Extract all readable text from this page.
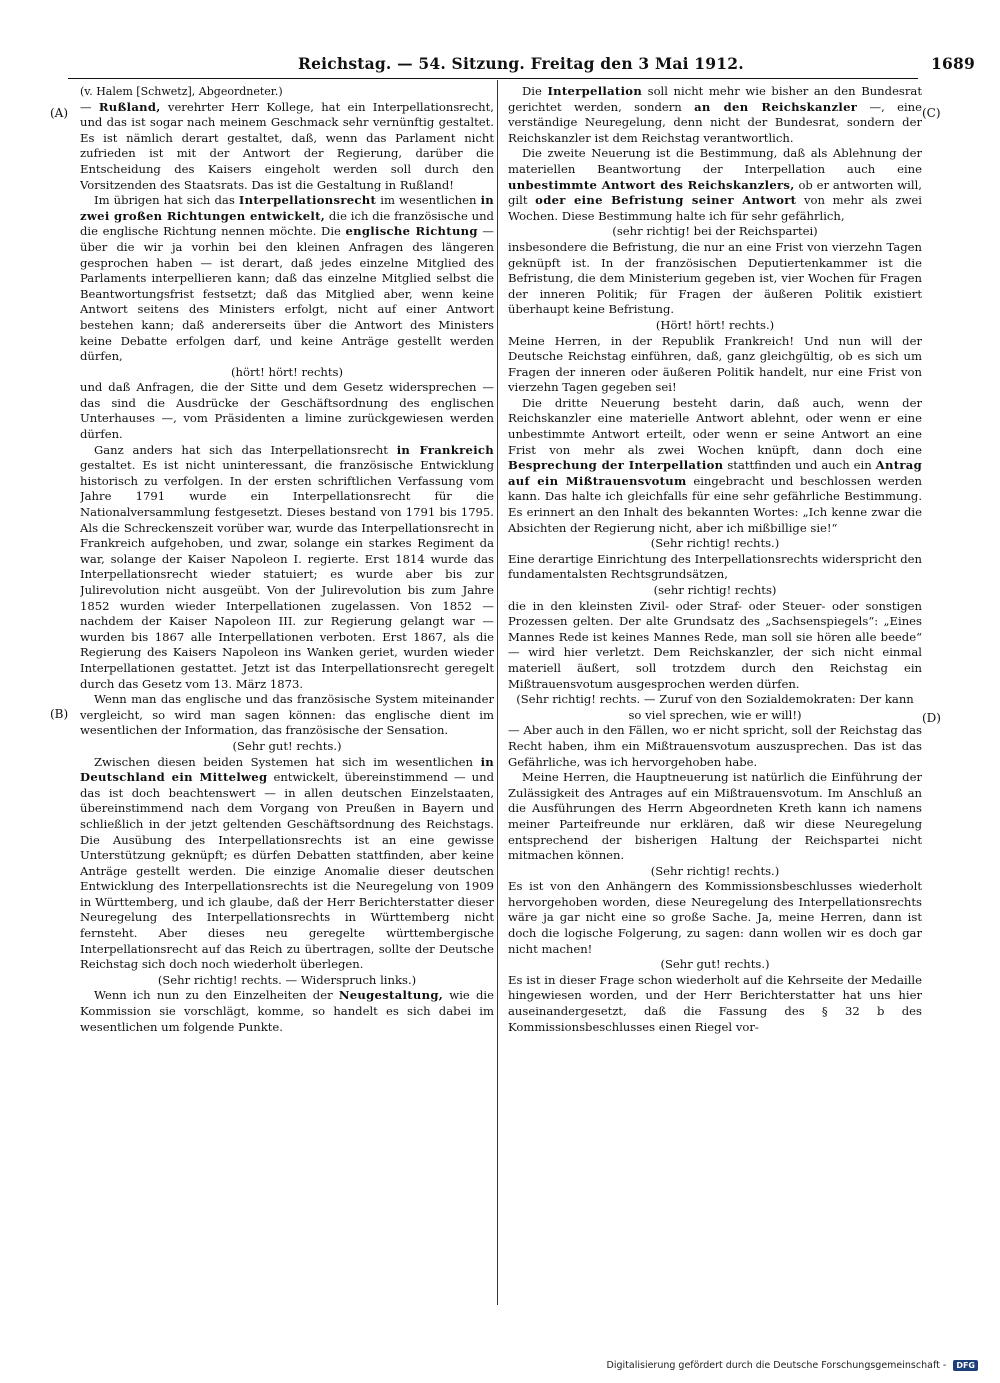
Reichstag. — 54. Sitzung. Freitag den 3 Mai 1912.	1689
(A)
(B)
(C)
(D)

(v. Halem [Schwetz], Abgeordneter.)

— Rußland, verehrter Herr Kollege, hat ein Interpellationsrecht, und das ist sogar nach meinem Geschmack sehr vernünftig gestaltet. Es ist nämlich derart gestaltet, daß, wenn das Parlament nicht zufrieden ist mit der Antwort der Regierung, darüber die Entscheidung des Kaisers eingeholt werden soll durch den Vorsitzenden des Staatsrats. Das ist die Gestaltung in Rußland!

Im übrigen hat sich das Interpellationsrecht im wesentlichen in zwei großen Richtungen entwickelt, die ich die französische und die englische Richtung nennen möchte. Die englische Richtung — über die wir ja vorhin bei den kleinen Anfragen des längeren gesprochen haben — ist derart, daß jedes einzelne Mitglied des Parlaments interpellieren kann; daß das einzelne Mitglied selbst die Beantwortungsfrist festsetzt; daß das Mitglied aber, wenn keine Antwort seitens des Ministers erfolgt, nicht auf einer Antwort bestehen kann; daß andererseits über die Antwort des Ministers keine Debatte erfolgen darf, und keine Anträge gestellt werden dürfen,

(hört! hört! rechts)

und daß Anfragen, die der Sitte und dem Gesetz widersprechen — das sind die Ausdrücke der Geschäftsordnung des englischen Unterhauses —, vom Präsidenten a limine zurückgewiesen werden dürfen.

Ganz anders hat sich das Interpellationsrecht in Frankreich gestaltet. Es ist nicht uninteressant, die französische Entwicklung historisch zu verfolgen. In der ersten schriftlichen Verfassung vom Jahre 1791 wurde ein Interpellationsrecht für die Nationalversammlung festgesetzt. Dieses bestand von 1791 bis 1795. Als die Schreckenszeit vorüber war, wurde das Interpellationsrecht in Frankreich aufgehoben, und zwar, solange ein starkes Regiment da war, solange der Kaiser Napoleon I. regierte. Erst 1814 wurde das Interpellationsrecht wieder statuiert; es wurde aber bis zur Julirevolution nicht ausgeübt. Von der Julirevolution bis zum Jahre 1852 wurden wieder Interpellationen zugelassen. Von 1852 — nachdem der Kaiser Napoleon III. zur Regierung gelangt war — wurden bis 1867 alle Interpellationen verboten. Erst 1867, als die Regierung des Kaisers Napoleon ins Wanken geriet, wurden wieder Interpellationen gestattet. Jetzt ist das Interpellationsrecht geregelt durch das Gesetz vom 13. März 1873.

Wenn man das englische und das französische System miteinander vergleicht, so wird man sagen können: das englische dient im wesentlichen der Information, das französische der Sensation.

(Sehr gut! rechts.)

Zwischen diesen beiden Systemen hat sich im wesentlichen in Deutschland ein Mittelweg entwickelt, übereinstimmend — und das ist doch beachtenswert — in allen deutschen Einzelstaaten, übereinstimmend nach dem Vorgang von Preußen in Bayern und schließlich in der jetzt geltenden Geschäftsordnung des Reichstags. Die Ausübung des Interpellationsrechts ist an eine gewisse Unterstützung geknüpft; es dürfen Debatten stattfinden, aber keine Anträge gestellt werden. Die einzige Anomalie dieser deutschen Entwicklung des Interpellationsrechts ist die Neuregelung von 1909 in Württemberg, und ich glaube, daß der Herr Berichterstatter dieser Neuregelung des Interpellationsrechts in Württemberg nicht fernsteht. Aber dieses neu geregelte württembergische Interpellationsrecht auf das Reich zu übertragen, sollte der Deutsche Reichstag sich doch noch wiederholt überlegen.

(Sehr richtig! rechts. — Widerspruch links.)

Wenn ich nun zu den Einzelheiten der Neugestaltung, wie die Kommission sie vorschlägt, komme, so handelt es sich dabei im wesentlichen um folgende Punkte.

Die Interpellation soll nicht mehr wie bisher an den Bundesrat gerichtet werden, sondern an den Reichskanzler —, eine verständige Neuregelung, denn nicht der Bundesrat, sondern der Reichskanzler ist dem Reichstag verantwortlich.

Die zweite Neuerung ist die Bestimmung, daß als Ablehnung der materiellen Beantwortung der Interpellation auch eine unbestimmte Antwort des Reichskanzlers, ob er antworten will, gilt oder eine Befristung seiner Antwort von mehr als zwei Wochen. Diese Bestimmung halte ich für sehr gefährlich,

(sehr richtig! bei der Reichspartei)

insbesondere die Befristung, die nur an eine Frist von vierzehn Tagen geknüpft ist. In der französischen Deputiertenkammer ist die Befristung, die dem Ministerium gegeben ist, vier Wochen für Fragen der inneren Politik; für Fragen der äußeren Politik existiert überhaupt keine Befristung.

(Hört! hört! rechts.)

Meine Herren, in der Republik Frankreich! Und nun will der Deutsche Reichstag einführen, daß, ganz gleichgültig, ob es sich um Fragen der inneren oder äußeren Politik handelt, nur eine Frist von vierzehn Tagen gegeben sei!

Die dritte Neuerung besteht darin, daß auch, wenn der Reichskanzler eine materielle Antwort ablehnt, oder wenn er eine unbestimmte Antwort erteilt, oder wenn er seine Antwort an eine Frist von mehr als zwei Wochen knüpft, dann doch eine Besprechung der Interpellation stattfinden und auch ein Antrag auf ein Mißtrauensvotum eingebracht und beschlossen werden kann. Das halte ich gleichfalls für eine sehr gefährliche Bestimmung. Es erinnert an den Inhalt des bekannten Wortes: „Ich kenne zwar die Absichten der Regierung nicht, aber ich mißbillige sie!“

(Sehr richtig! rechts.)

Eine derartige Einrichtung des Interpellationsrechts widerspricht den fundamentalsten Rechtsgrundsätzen,

(sehr richtig! rechts)

die in den kleinsten Zivil- oder Straf- oder Steuer- oder sonstigen Prozessen gelten. Der alte Grundsatz des „Sachsenspiegels“: „Eines Mannes Rede ist keines Mannes Rede, man soll sie hören alle beede“ — wird hier verletzt. Dem Reichskanzler, der sich nicht einmal materiell äußert, soll trotzdem durch den Reichstag ein Mißtrauensvotum ausgesprochen werden dürfen.

(Sehr richtig! rechts. — Zuruf von den Sozialdemokraten: Der kann so viel sprechen, wie er will!)

— Aber auch in den Fällen, wo er nicht spricht, soll der Reichstag das Recht haben, ihm ein Mißtrauensvotum auszusprechen. Das ist das Gefährliche, was ich hervorgehoben habe.

Meine Herren, die Hauptneuerung ist natürlich die Einführung der Zulässigkeit des Antrages auf ein Mißtrauensvotum. Im Anschluß an die Ausführungen des Herrn Abgeordneten Kreth kann ich namens meiner Parteifreunde nur erklären, daß wir diese Neuregelung entsprechend der bisherigen Haltung der Reichspartei nicht mitmachen können.

(Sehr richtig! rechts.)

Es ist von den Anhängern des Kommissionsbeschlusses wiederholt hervorgehoben worden, diese Neuregelung des Interpellationsrechts wäre ja gar nicht eine so große Sache. Ja, meine Herren, dann ist doch die logische Folgerung, zu sagen: dann wollen wir es doch gar nicht machen!

(Sehr gut! rechts.)

Es ist in dieser Frage schon wiederholt auf die Kehrseite der Medaille hingewiesen worden, und der Herr Berichterstatter hat uns hier auseinandergesetzt, daß die Fassung des § 32 b des Kommissionsbeschlusses einen Riegel vor-

Digitalisierung gefördert durch die Deutsche Forschungsgemeinschaft - DFG
